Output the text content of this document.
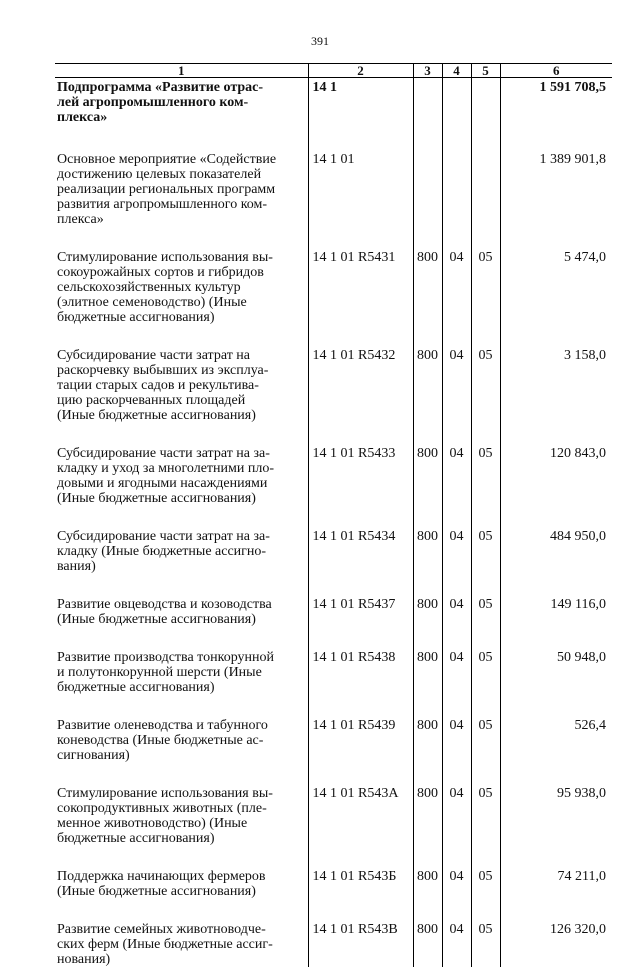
391
1	2	3	4	5	6
Подпрограмма «Развитие отрас-
лей агропромышленного ком-
плекса»	14 1				1 591 708,5
Основное мероприятие «Содействие
достижению целевых показателей
реализации региональных программ
развития агропромышленного ком-
плекса»	14 1 01				1 389 901,8
Стимулирование использования вы-
сокоурожайных сортов и гибридов
сельскохозяйственных культур
(элитное семеноводство) (Иные
бюджетные ассигнования)	14 1 01 R5431	800	04	05	5 474,0
Субсидирование части затрат на
раскорчевку выбывших из эксплуа-
тации старых садов и рекультива-
цию раскорчеванных площадей
(Иные бюджетные ассигнования)	14 1 01 R5432	800	04	05	3 158,0
Субсидирование части затрат на за-
кладку и уход за многолетними пло-
довыми и ягодными насаждениями
(Иные бюджетные ассигнования)	14 1 01 R5433	800	04	05	120 843,0
Субсидирование части затрат на за-
кладку (Иные бюджетные ассигно-
вания)	14 1 01 R5434	800	04	05	484 950,0
Развитие овцеводства и козоводства
(Иные бюджетные ассигнования)	14 1 01 R5437	800	04	05	149 116,0
Развитие производства тонкорунной
и полутонкорунной шерсти (Иные
бюджетные ассигнования)	14 1 01 R5438	800	04	05	50 948,0
Развитие оленеводства и табунного
коневодства (Иные бюджетные ас-
сигнования)	14 1 01 R5439	800	04	05	526,4
Стимулирование использования вы-
сокопродуктивных животных (пле-
менное животноводство) (Иные
бюджетные ассигнования)	14 1 01 R543А	800	04	05	95 938,0
Поддержка начинающих фермеров
(Иные бюджетные ассигнования)	14 1 01 R543Б	800	04	05	74 211,0
Развитие семейных животноводче-
ских ферм (Иные бюджетные ассиг-
нования)	14 1 01 R543В	800	04	05	126 320,0
